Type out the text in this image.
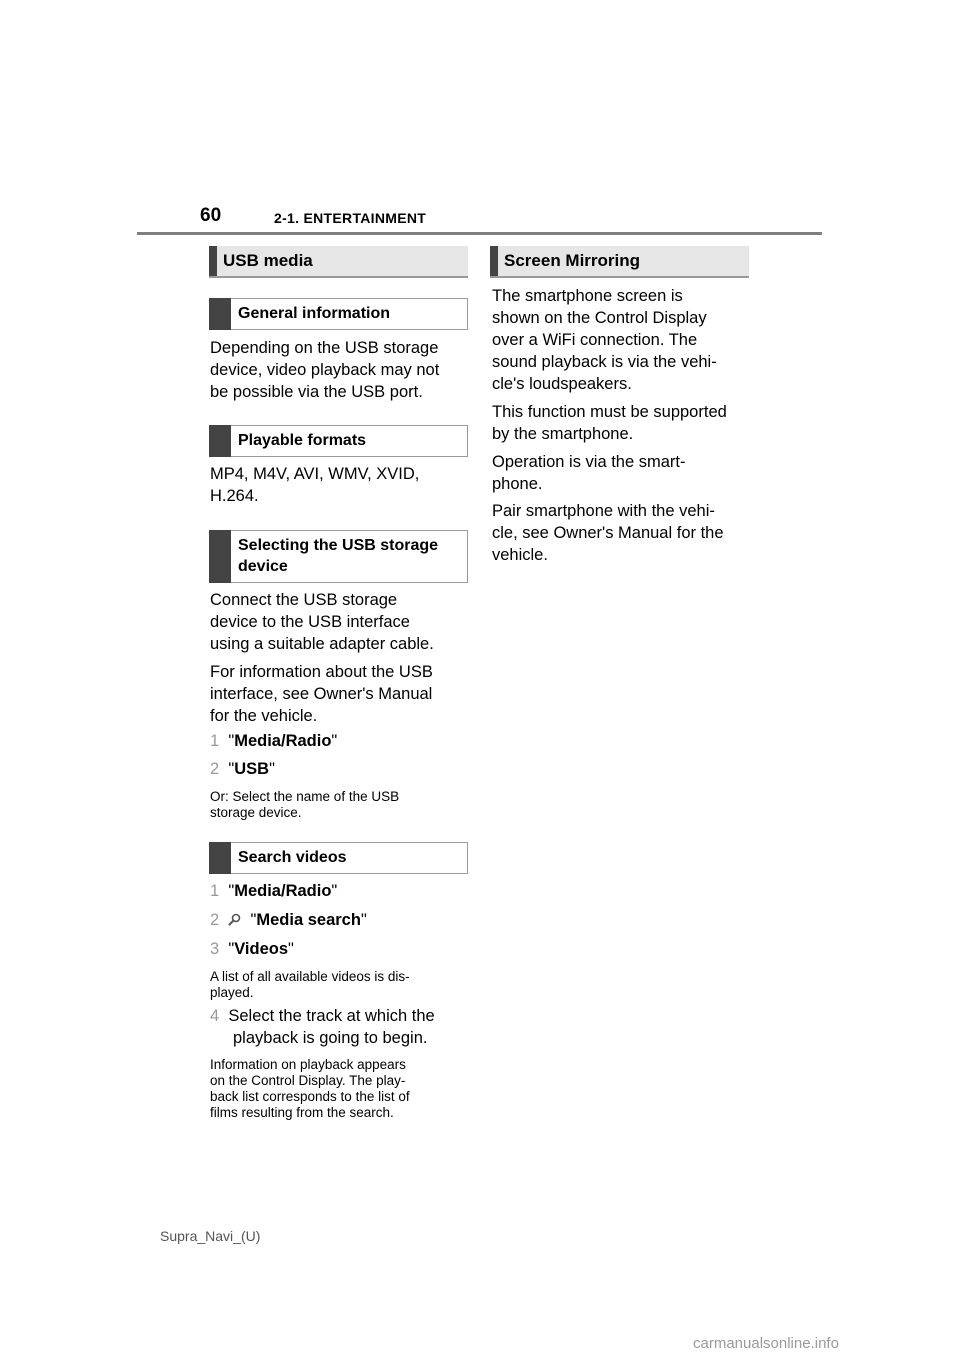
60	2-1. ENTERTAINMENT
USB media
General information
Depending on the USB storage
device, video playback may not
be possible via the USB port.
Playable formats
MP4, M4V, AVI, WMV, XVID,
H.264.
Selecting the USB storage
device
Connect the USB storage
device to the USB interface
using a suitable adapter cable.
For information about the USB
interface, see Owner's Manual
for the vehicle.
1 "Media/Radio"
2 "USB"
Or: Select the name of the USB
storage device.
Search videos
1 "Media/Radio"
2 "Media search"
3 "Videos"
A list of all available videos is dis-
played.
4 Select the track at which the
playback is going to begin.
Information on playback appears
on the Control Display. The play-
back list corresponds to the list of
films resulting from the search.
Screen Mirroring
The smartphone screen is
shown on the Control Display
over a WiFi connection. The
sound playback is via the vehi-
cle's loudspeakers.
This function must be supported
by the smartphone.
Operation is via the smart-
phone.
Pair smartphone with the vehi-
cle, see Owner's Manual for the
vehicle.
Supra_Navi_(U)
carmanualsonline.info
